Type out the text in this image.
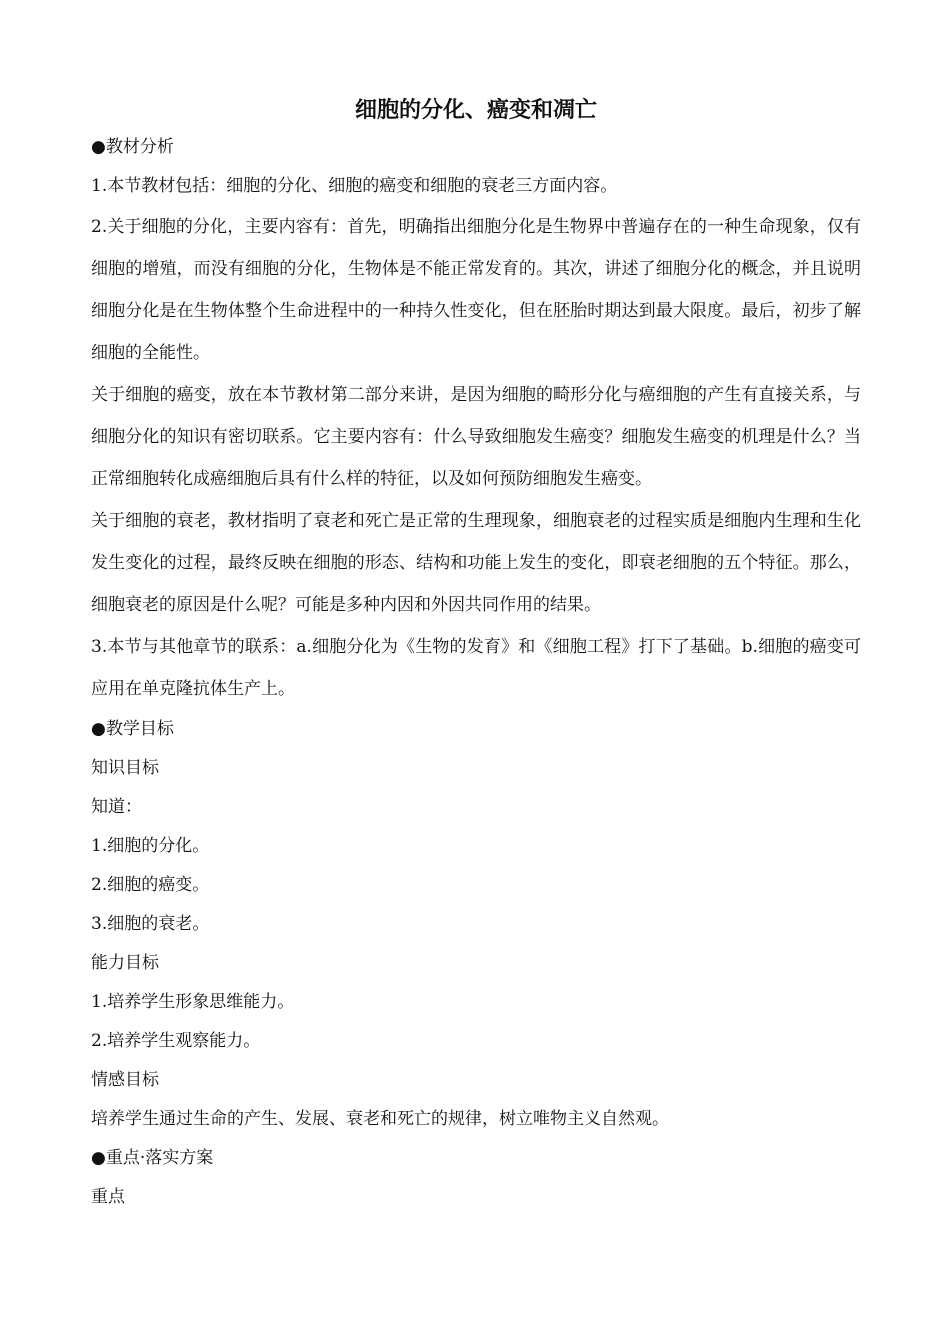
细胞的分化、癌变和凋亡
●教材分析
1.本节教材包括：细胞的分化、细胞的癌变和细胞的衰老三方面内容。

2.关于细胞的分化，主要内容有：首先，明确指出细胞分化是生物界中普遍存在的一种生命现象，仅有细胞的增殖，而没有细胞的分化，生物体是不能正常发育的。其次，讲述了细胞分化的概念，并且说明细胞分化是在生物体整个生命进程中的一种持久性变化，但在胚胎时期达到最大限度。最后，初步了解细胞的全能性。

关于细胞的癌变，放在本节教材第二部分来讲，是因为细胞的畸形分化与癌细胞的产生有直接关系，与细胞分化的知识有密切联系。它主要内容有：什么导致细胞发生癌变？细胞发生癌变的机理是什么？当正常细胞转化成癌细胞后具有什么样的特征，以及如何预防细胞发生癌变。

关于细胞的衰老，教材指明了衰老和死亡是正常的生理现象，细胞衰老的过程实质是细胞内生理和生化发生变化的过程，最终反映在细胞的形态、结构和功能上发生的变化，即衰老细胞的五个特征。那么，细胞衰老的原因是什么呢？可能是多种内因和外因共同作用的结果。

3.本节与其他章节的联系：a.细胞分化为《生物的发育》和《细胞工程》打下了基础。b.细胞的癌变可应用在单克隆抗体生产上。

●教学目标
知识目标
知道：
1.细胞的分化。
2.细胞的癌变。
3.细胞的衰老。
能力目标
1.培养学生形象思维能力。
2.培养学生观察能力。
情感目标
培养学生通过生命的产生、发展、衰老和死亡的规律，树立唯物主义自然观。
●重点·落实方案
重点
